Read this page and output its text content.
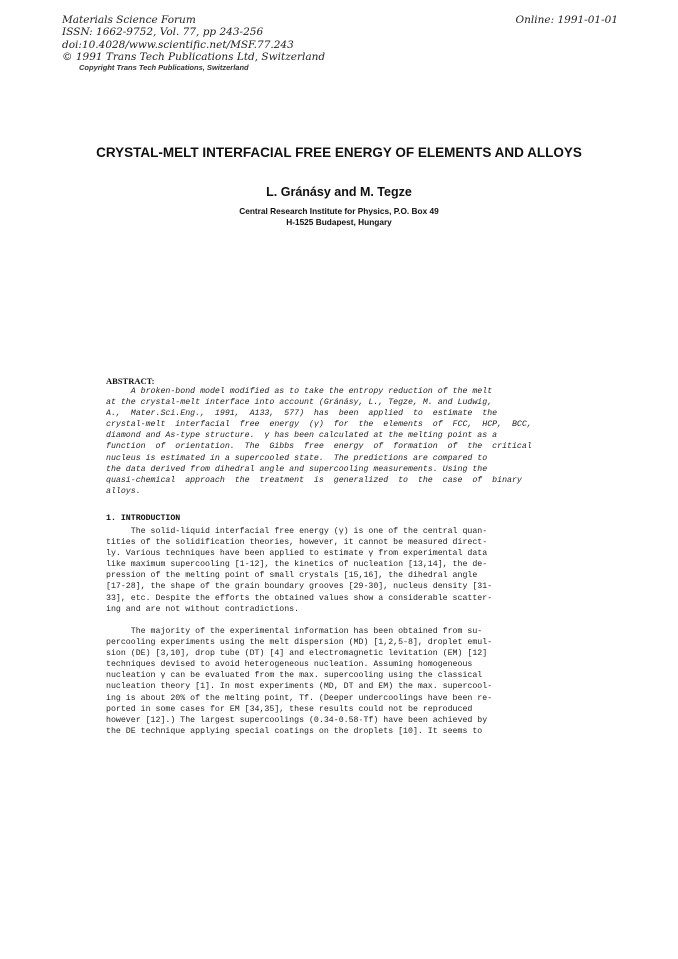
Materials Science Forum
ISSN: 1662-9752, Vol. 77, pp 243-256
doi:10.4028/www.scientific.net/MSF.77.243
© 1991 Trans Tech Publications Ltd, Switzerland
Online: 1991-01-01
Copyright Trans Tech Publications, Switzerland
CRYSTAL-MELT INTERFACIAL FREE ENERGY OF ELEMENTS AND ALLOYS
L. Gránásy and M. Tegze
Central Research Institute for Physics, P.O. Box 49
H-1525 Budapest, Hungary
ABSTRACT:
A broken-bond model modified as to take the entropy reduction of the melt
at the crystal-melt interface into account (Gránásy, L., Tegze, M. and Ludwig,
A.,  Mater.Sci.Eng.,  1991,  A133,  577)  has  been  applied  to  estimate  the
crystal-melt  interfacial  free  energy  (γ)  for  the  elements  of  FCC,  HCP,  BCC,
diamond and As-type structure.  γ has been calculated at the melting point as a
function  of  orientation.  The  Gibbs  free  energy  of  formation  of  the  critical
nucleus is estimated in a supercooled state.  The predictions are compared to
the data derived from dihedral angle and supercooling measurements. Using the
quasi-chemical  approach  the  treatment  is  generalized  to  the  case  of  binary
alloys.
1. INTRODUCTION
The solid-liquid interfacial free energy (γ) is one of the central quan-
tities of the solidification theories, however, it cannot be measured direct-
ly. Various techniques have been applied to estimate γ from experimental data
like maximum supercooling [1-12], the kinetics of nucleation [13,14], the de-
pression of the melting point of small crystals [15,16], the dihedral angle
[17-28], the shape of the grain boundary grooves [29-30], nucleus density [31-
33], etc. Despite the efforts the obtained values show a considerable scatter-
ing and are not without contradictions.
The majority of the experimental information has been obtained from su-
percooling experiments using the melt dispersion (MD) [1,2,5-8], droplet emul-
sion (DE) [3,10], drop tube (DT) [4] and electromagnetic levitation (EM) [12]
techniques devised to avoid heterogeneous nucleation. Assuming homogeneous
nucleation γ can be evaluated from the max. supercooling using the classical
nucleation theory [1]. In most experiments (MD, DT and EM) the max. supercool-
ing is about 20% of the melting point, Tf. (Deeper undercoolings have been re-
ported in some cases for EM [34,35], these results could not be reproduced
however [12].) The largest supercoolings (0.34-0.58·Tf) have been achieved by
the DE technique applying special coatings on the droplets [10]. It seems to
